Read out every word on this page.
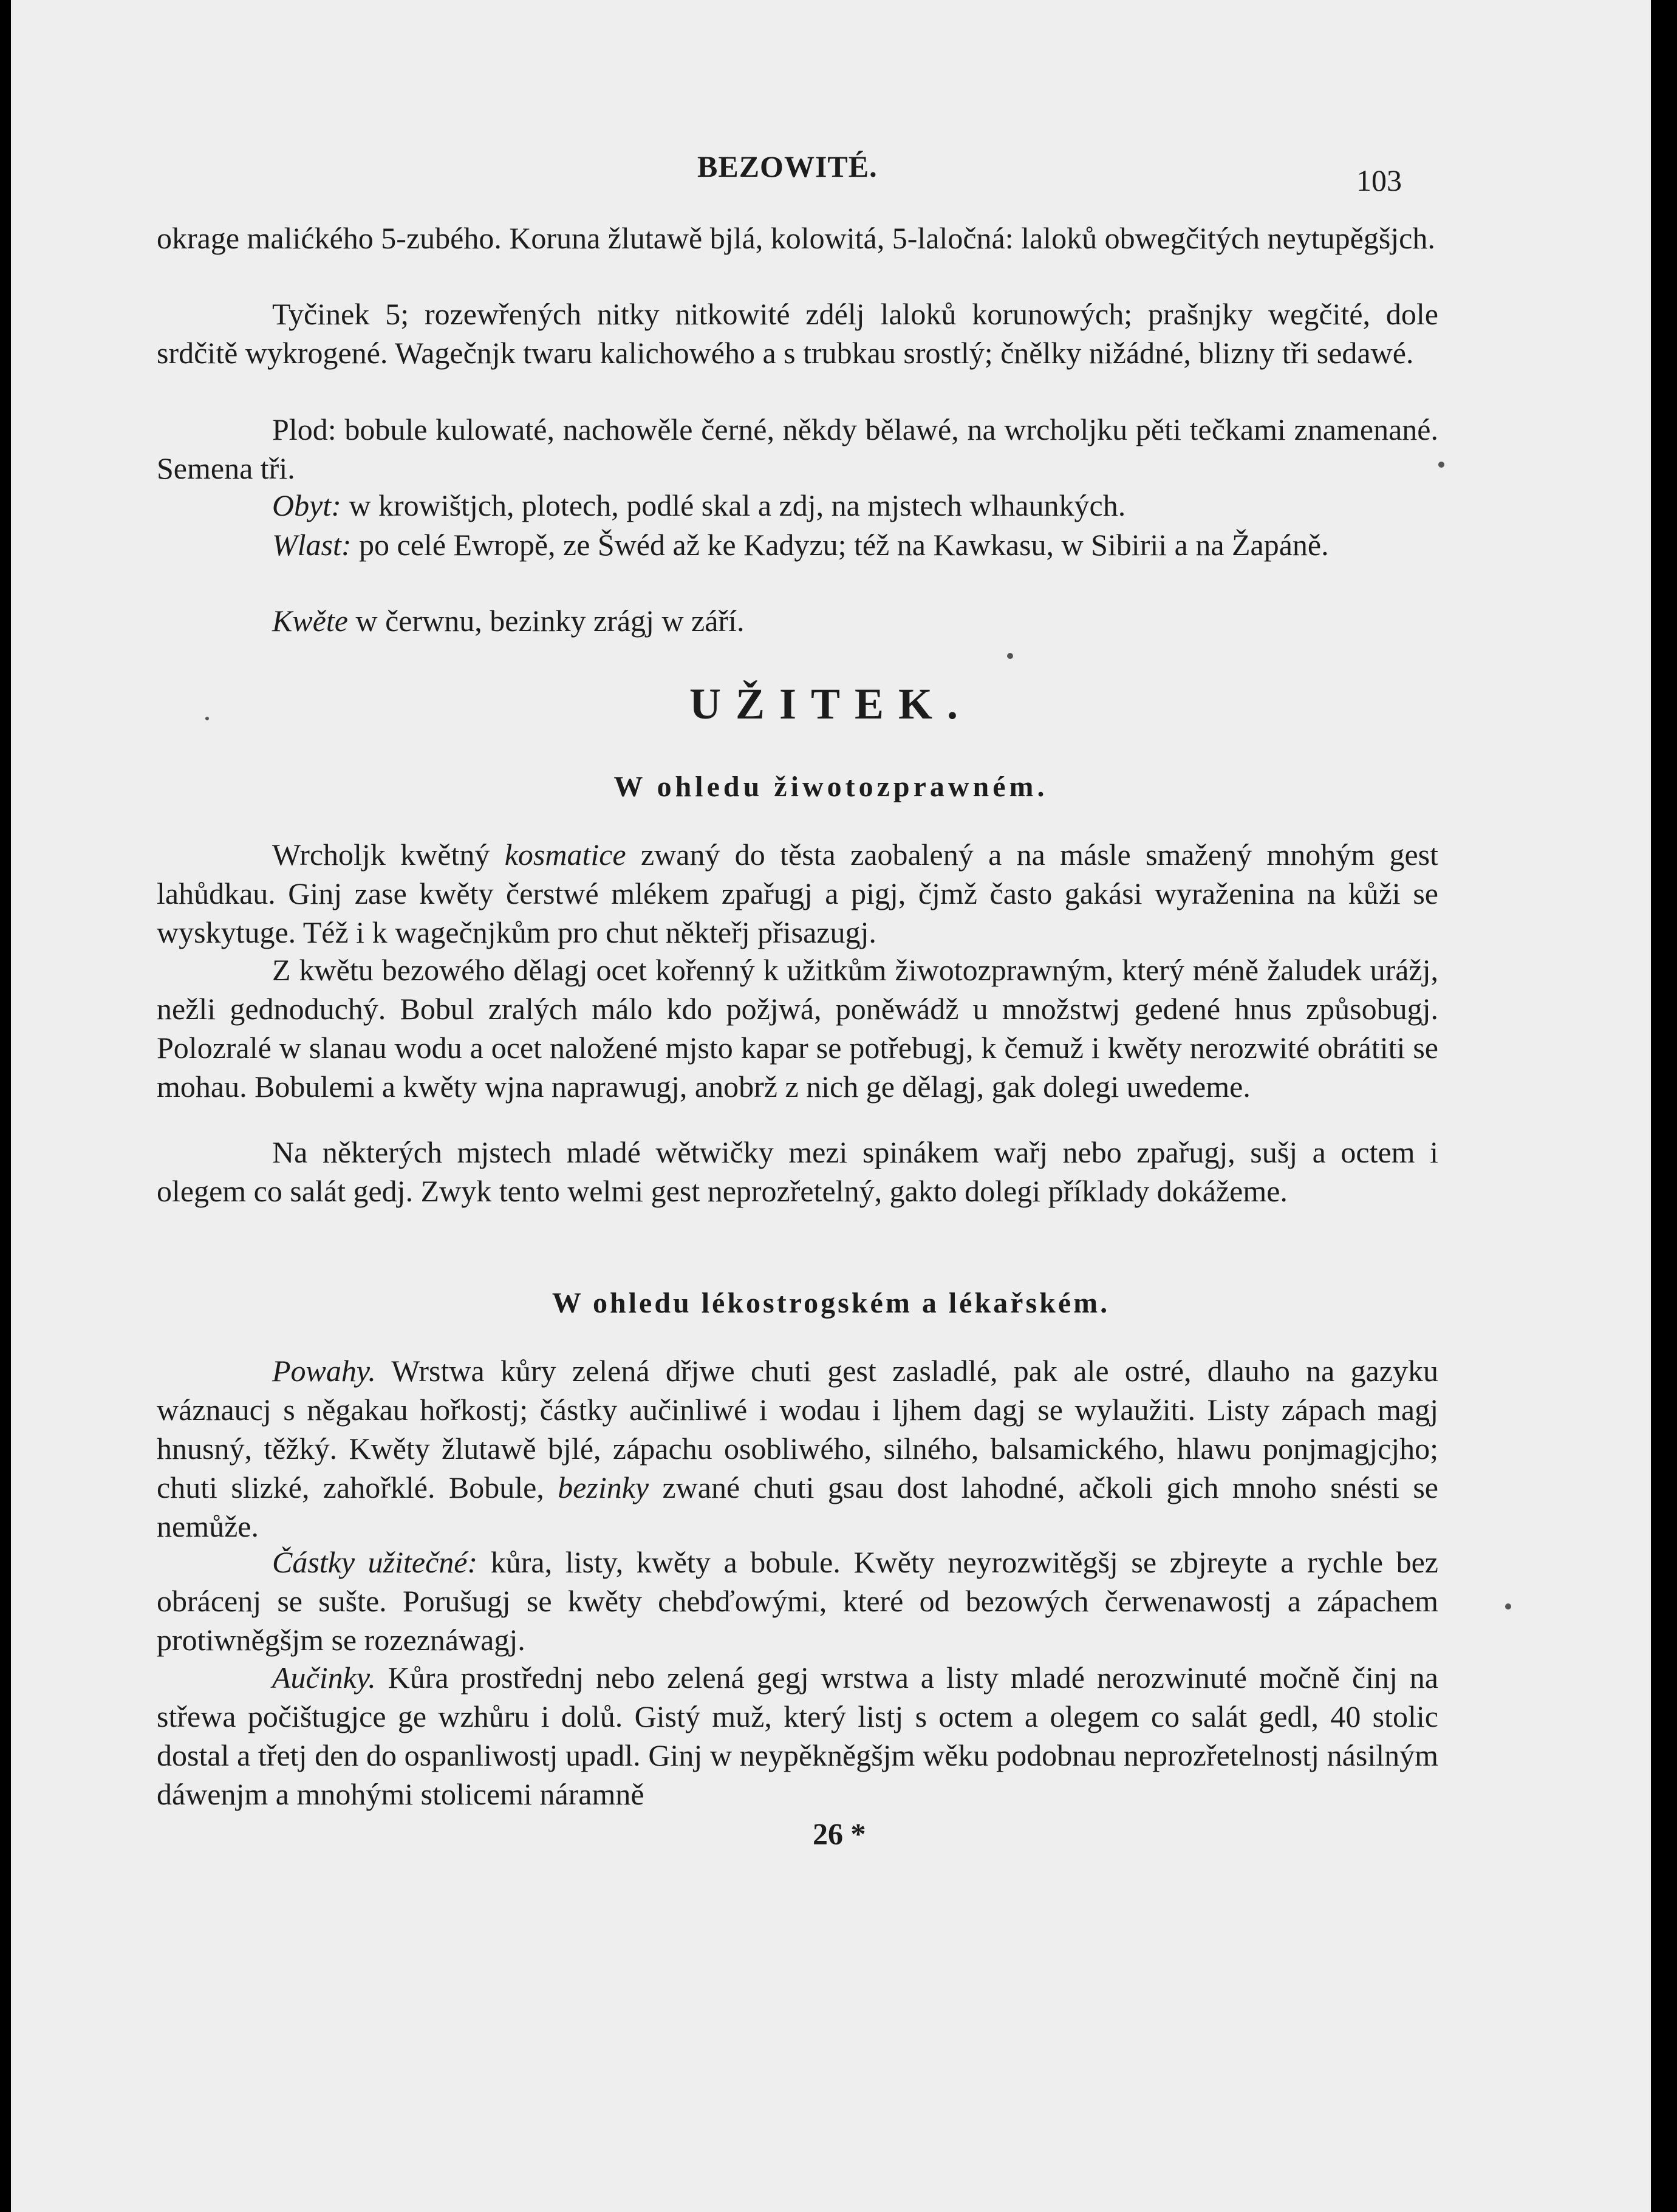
BEZOWITÉ.	103

okrage malićkého 5-zubého. Koruna žlutawě bjlá, kolowitá, 5-laločná: laloků obwegčitých neytupěgšjch.

Tyčinek 5; rozewřených nitky nitkowité zdélj laloků korunowých; prašnjky wegčité, dole srdčitě wykrogené. Wagečnjk twaru kalichowého a s trubkau srostlý; čnělky nižádné, blizny tři sedawé.

Plod: bobule kulowaté, nachowěle černé, někdy bělawé, na wrcholjku pěti tečkami znamenané. Semena tři.

Obyt: w krowištjch, plotech, podlé skal a zdj, na mjstech wlhaunkých.

Wlast: po celé Ewropě, ze Šwéd až ke Kadyzu; též na Kawkasu, w Sibirii a na Žapáně.

Kwěte w čerwnu, bezinky zrágj w září.

UŽITEK.
W ohledu žiwotozprawném.

Wrcholjk kwětný kosmatice zwaný do těsta zaobalený a na másle smažený mnohým gest lahůdkau. Ginj zase kwěty čerstwé mlékem zpařugj a pigj, čjmž často gakási wyraženina na kůži se wyskytuge. Též i k wagečnjkům pro chut někteřj přisazugj.

Z kwětu bezowého dělagj ocet kořenný k užitkům žiwotozprawným, který méně žaludek urážj, nežli gednoduchý. Bobul zralých málo kdo požjwá, poněwádž u množstwj gedené hnus způsobugj. Polozralé w slanau wodu a ocet naložené mjsto kapar se potřebugj, k čemuž i kwěty nerozwité obrátiti se mohau. Bobulemi a kwěty wjna naprawugj, anobrž z nich ge dělagj, gak dolegi uwedeme.

Na některých mjstech mladé wětwičky mezi spinákem wařj nebo zpařugj, sušj a octem i olegem co salát gedj. Zwyk tento welmi gest neprozřetelný, gakto dolegi příklady dokážeme.

W ohledu lékostrogském a lékařském.

Powahy. Wrstwa kůry zelená dřjwe chuti gest zasladlé, pak ale ostré, dlauho na gazyku wáznaucj s něgakau hořkostj; částky aučinliwé i wodau i ljhem dagj se wylaužiti. Listy zápach magj hnusný, těžký. Kwěty žlutawě bjlé, zápachu osobliwého, silného, balsamického, hlawu ponjmagjcjho; chuti slizké, zahořklé. Bobule, bezinky zwané chuti gsau dost lahodné, ačkoli gich mnoho snésti se nemůže.

Částky užitečné: kůra, listy, kwěty a bobule. Kwěty neyrozwitěgšj se zbjreyte a rychle bez obrácenj se sušte. Porušugj se kwěty chebďowými, které od bezowých čerwenawostj a zápachem protiwněgšjm se rozeznáwagj.

Aučinky. Kůra prostřednj nebo zelená gegj wrstwa a listy mladé nerozwinuté močně činj na střewa počištugjce ge wzhůru i dolů. Gistý muž, který listj s octem a olegem co salát gedl, 40 stolic dostal a třetj den do ospanliwostj upadl. Ginj w neypěkněgšjm wěku podobnau neprozřetelnostj násilným dáwenjm a mnohými stolicemi náramně

26 *
